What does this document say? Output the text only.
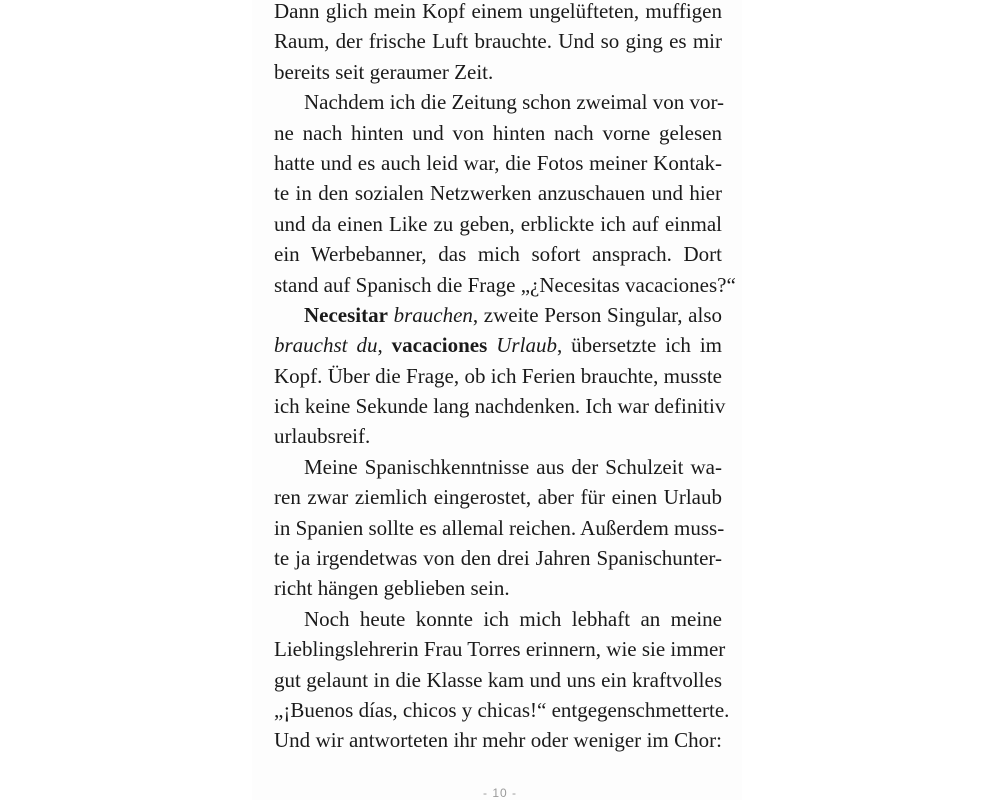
Dann glich mein Kopf einem ungelüfteten, muffigen
Raum, der frische Luft brauchte. Und so ging es mir
bereits seit geraumer Zeit.
Nachdem ich die Zeitung schon zweimal von vor-
ne nach hinten und von hinten nach vorne gelesen
hatte und es auch leid war, die Fotos meiner Kontak-
te in den sozialen Netzwerken anzuschauen und hier
und da einen Like zu geben, erblickte ich auf einmal
ein Werbebanner, das mich sofort ansprach. Dort
stand auf Spanisch die Frage „¿Necesitas vacaciones?“
Necesitar brauchen, zweite Person Singular, also
brauchst du, vacaciones Urlaub, übersetzte ich im
Kopf. Über die Frage, ob ich Ferien brauchte, musste
ich keine Sekunde lang nachdenken. Ich war definitiv
urlaubsreif.
Meine Spanischkenntnisse aus der Schulzeit wa-
ren zwar ziemlich eingerostet, aber für einen Urlaub
in Spanien sollte es allemal reichen. Außerdem muss-
te ja irgendetwas von den drei Jahren Spanischunter-
richt hängen geblieben sein.
Noch heute konnte ich mich lebhaft an meine
Lieblingslehrerin Frau Torres erinnern, wie sie immer
gut gelaunt in die Klasse kam und uns ein kraftvolles
„¡Buenos días, chicos y chicas!“ entgegenschmetterte.
Und wir antworteten ihr mehr oder weniger im Chor:
- 10 -
